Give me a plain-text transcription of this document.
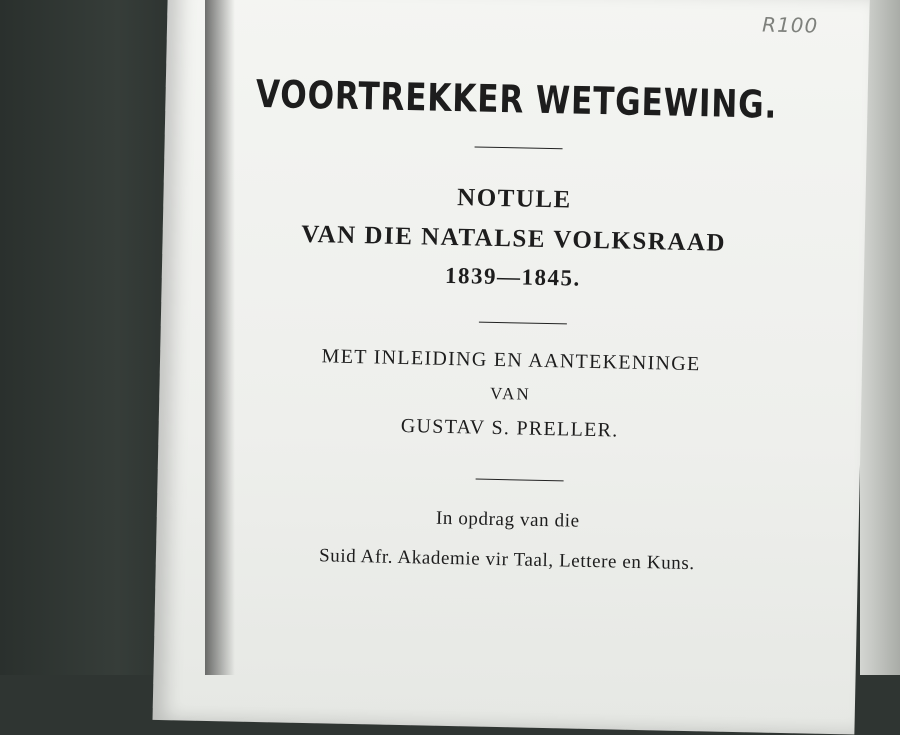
R100
VOORTREKKER WETGEWING.
NOTULE
VAN DIE NATALSE VOLKSRAAD
1839—1845.
MET INLEIDING EN AANTEKENINGE
VAN
GUSTAV S. PRELLER.
In opdrag van die
Suid Afr. Akademie vir Taal, Lettere en Kuns.
